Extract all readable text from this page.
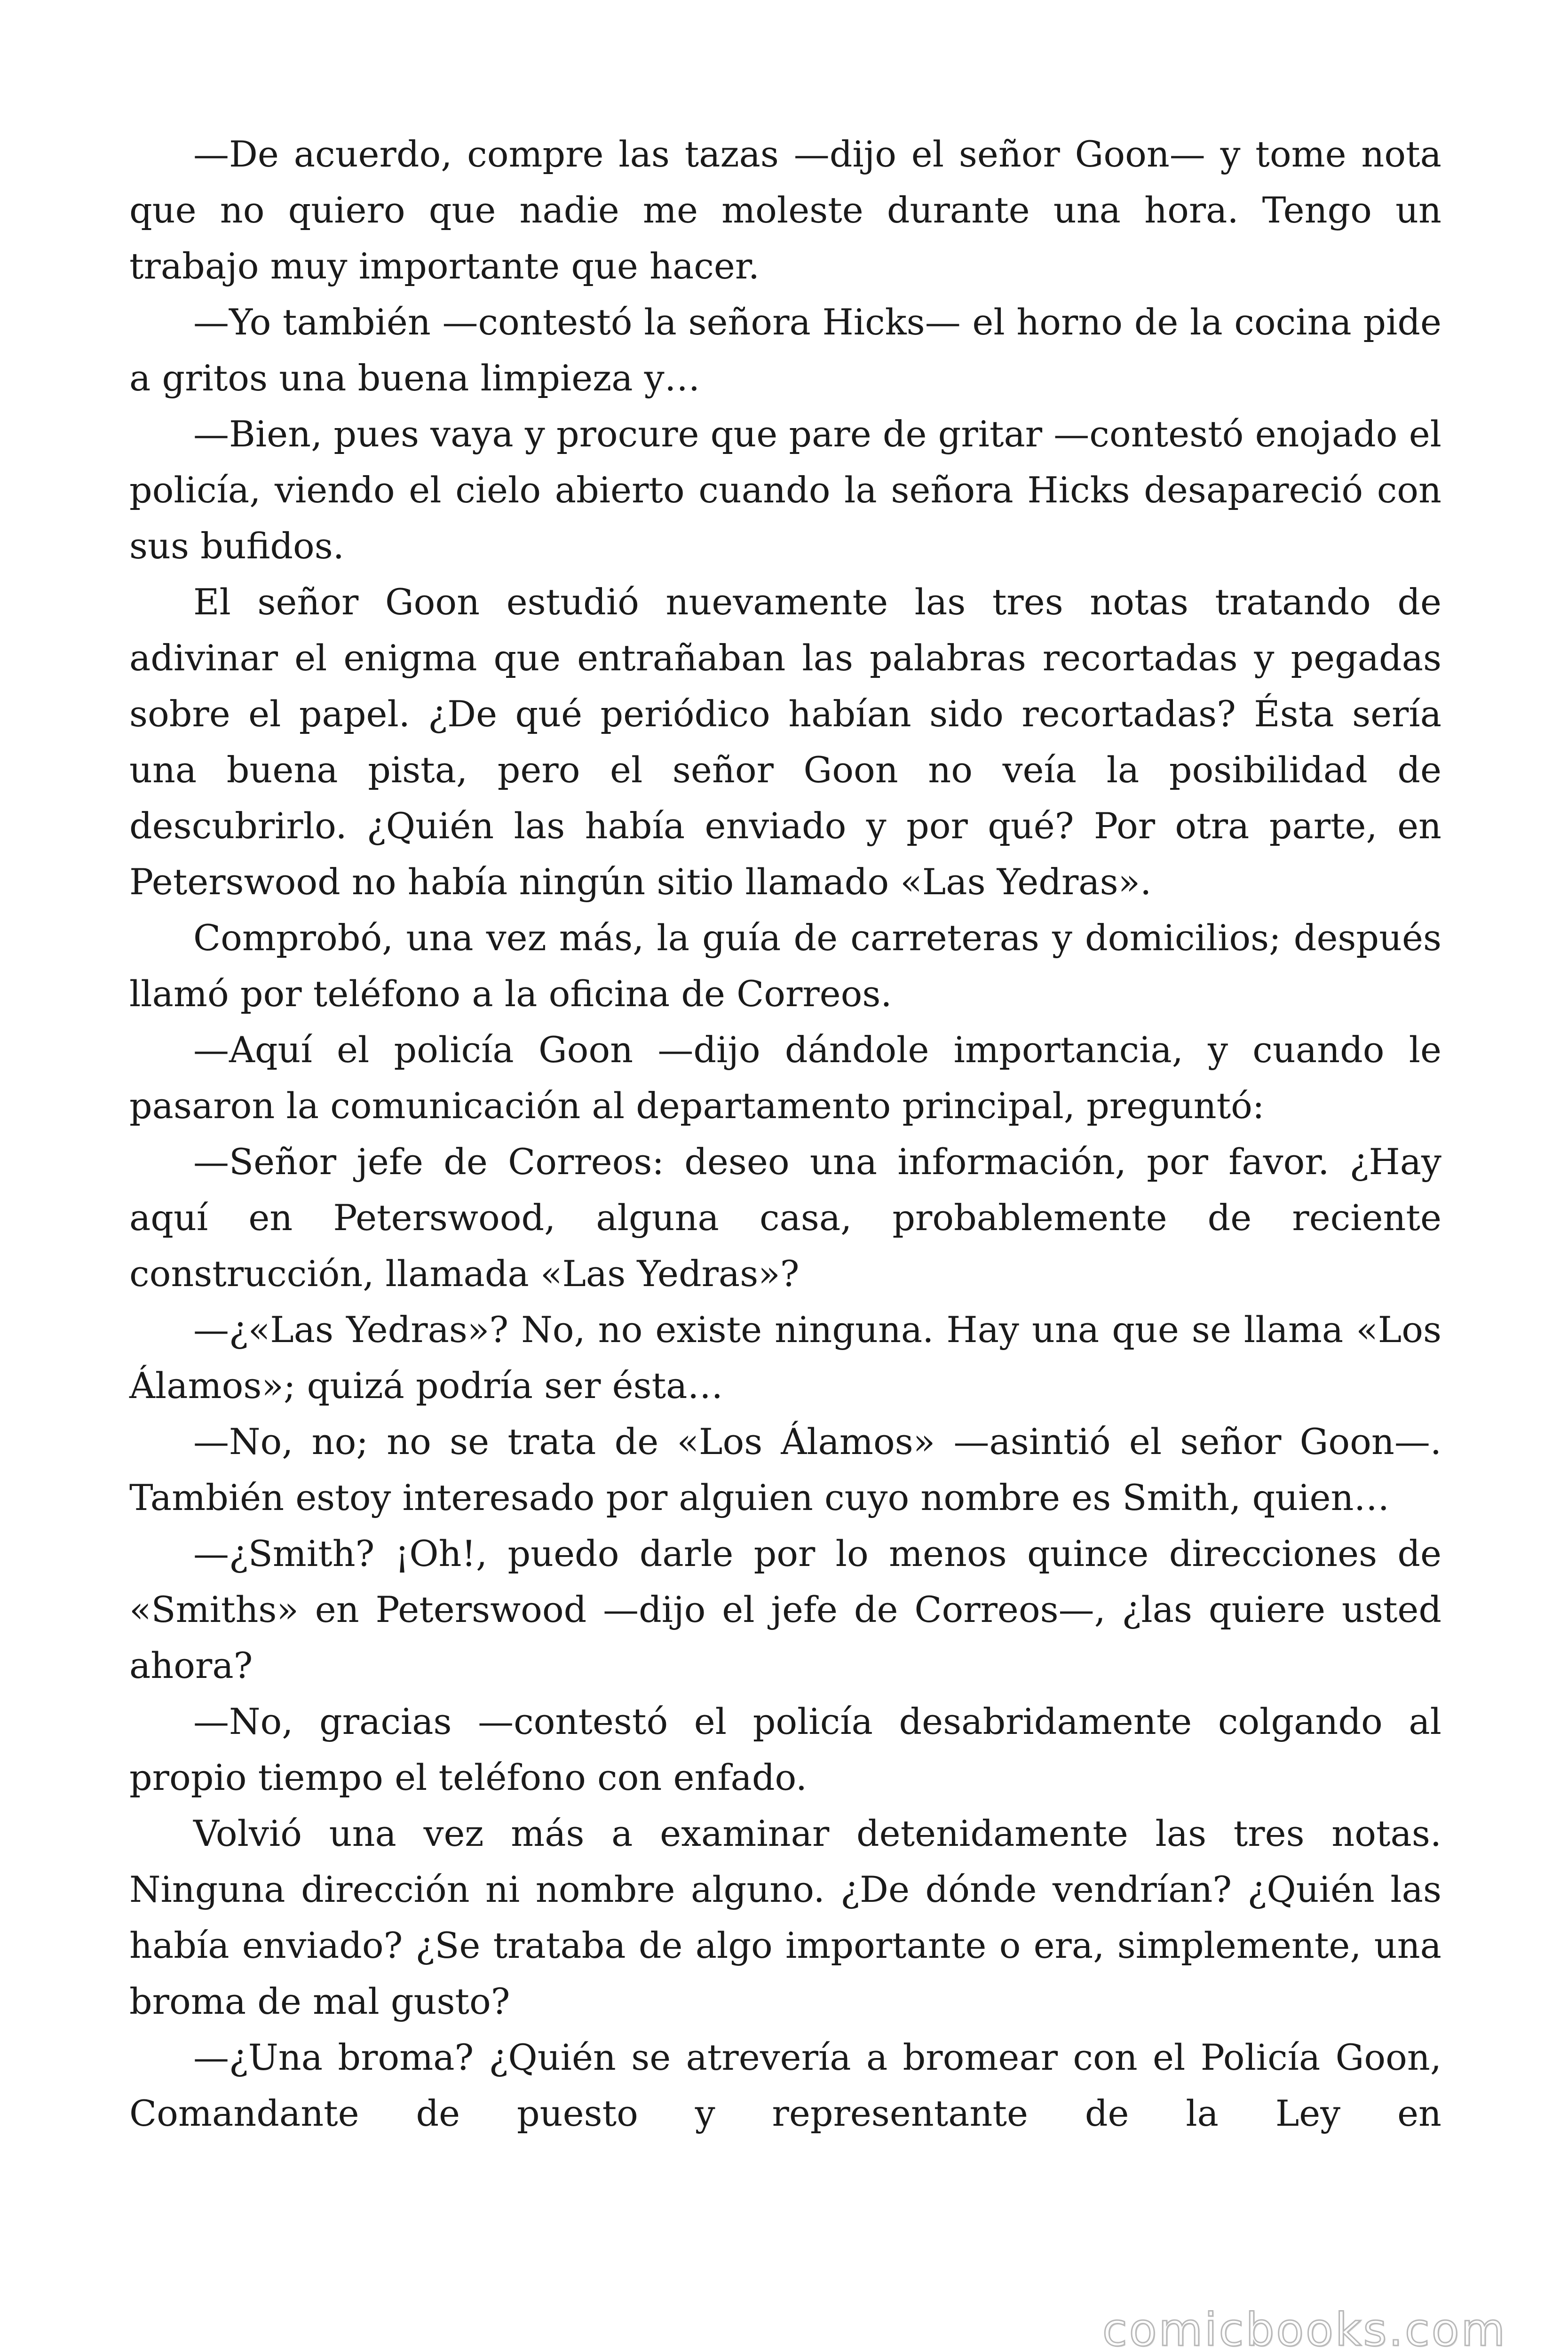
—De acuerdo, compre las tazas —dijo el señor Goon— y tome nota que no quiero que nadie me moleste durante una hora. Tengo un trabajo muy importante que hacer.

—Yo también —contestó la señora Hicks— el horno de la cocina pide a gritos una buena limpieza y…

—Bien, pues vaya y procure que pare de gritar —contestó enojado el policía, viendo el cielo abierto cuando la señora Hicks desapareció con sus bufidos.

El señor Goon estudió nuevamente las tres notas tratando de adivinar el enigma que entrañaban las palabras recortadas y pegadas sobre el papel. ¿De qué periódico habían sido recortadas? Ésta sería una buena pista, pero el señor Goon no veía la posibilidad de descubrirlo. ¿Quién las había enviado y por qué? Por otra parte, en Peterswood no había ningún sitio llamado «Las Yedras».

Comprobó, una vez más, la guía de carreteras y domicilios; después llamó por teléfono a la oficina de Correos.

—Aquí el policía Goon —dijo dándole importancia, y cuando le pasaron la comunicación al departamento principal, preguntó:

—Señor jefe de Correos: deseo una información, por favor. ¿Hay aquí en Peterswood, alguna casa, probablemente de reciente construcción, llamada «Las Yedras»?

—¿«Las Yedras»? No, no existe ninguna. Hay una que se llama «Los Álamos»; quizá podría ser ésta…

—No, no; no se trata de «Los Álamos» —asintió el señor Goon—. También estoy interesado por alguien cuyo nombre es Smith, quien…

—¿Smith? ¡Oh!, puedo darle por lo menos quince direcciones de «Smiths» en Peterswood —dijo el jefe de Correos—, ¿las quiere usted ahora?

—No, gracias —contestó el policía desabridamente colgando al propio tiempo el teléfono con enfado.

Volvió una vez más a examinar detenidamente las tres notas. Ninguna dirección ni nombre alguno. ¿De dónde vendrían? ¿Quién las había enviado? ¿Se trataba de algo importante o era, simplemente, una broma de mal gusto?

—¿Una broma? ¿Quién se atrevería a bromear con el Policía Goon, Comandante de puesto y representante de la Ley en

comicbooks.com
